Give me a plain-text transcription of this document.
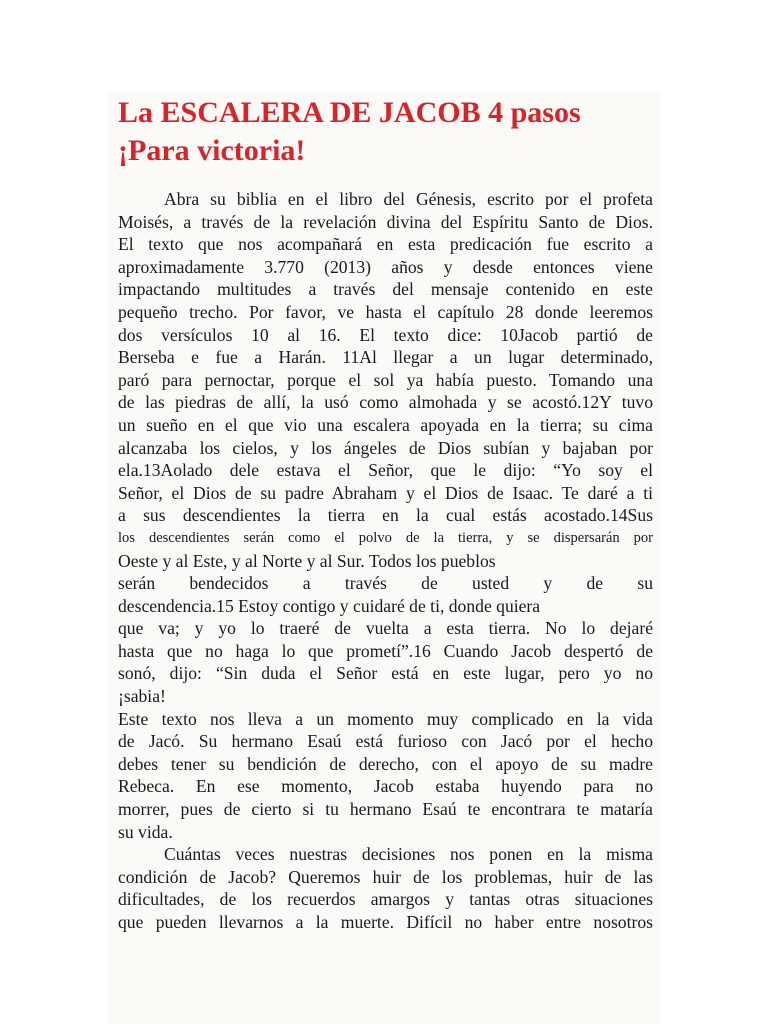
La ESCALERA DE JACOB 4 pasos
¡Para victoria!
Abra su biblia en el libro del Génesis, escrito por el profeta
Moisés, a través de la revelación divina del Espíritu Santo de Dios.
El texto que nos acompañará en esta predicación fue escrito a
aproximadamente 3.770 (2013) años y desde entonces viene
impactando multitudes a través del mensaje contenido en este
pequeño trecho. Por favor, ve hasta el capítulo 28 donde leeremos
dos versículos 10 al 16. El texto dice: 10Jacob partió de
Berseba e fue a Harán. 11Al llegar a un lugar determinado,
paró para pernoctar, porque el sol ya había puesto. Tomando una
de las piedras de allí, la usó como almohada y se acostó.12Y tuvo
un sueño en el que vio una escalera apoyada en la tierra; su cima
alcanzaba los cielos, y los ángeles de Dios subían y bajaban por
ela.13Aolado dele estava el Señor, que le dijo: “Yo soy el
Señor, el Dios de su padre Abraham y el Dios de Isaac. Te daré a ti
a sus descendientes la tierra en la cual estás acostado.14Sus
los descendientes serán como el polvo de la tierra, y se dispersarán por
Oeste y al Este, y al Norte y al Sur. Todos los pueblos
serán bendecidos a través de usted y de su
descendencia.15 Estoy contigo y cuidaré de ti, donde quiera
que va; y yo lo traeré de vuelta a esta tierra. No lo dejaré
hasta que no haga lo que prometí”.16 Cuando Jacob despertó de
sonó, dijo: “Sin duda el Señor está en este lugar, pero yo no
¡sabia!
Este texto nos lleva a un momento muy complicado en la vida
de Jacó. Su hermano Esaú está furioso con Jacó por el hecho
debes tener su bendición de derecho, con el apoyo de su madre
Rebeca. En ese momento, Jacob estaba huyendo para no
morrer, pues de cierto si tu hermano Esaú te encontrara te mataría
su vida.
Cuántas veces nuestras decisiones nos ponen en la misma
condición de Jacob? Queremos huir de los problemas, huir de las
dificultades, de los recuerdos amargos y tantas otras situaciones
que pueden llevarnos a la muerte. Difícil no haber entre nosotros
